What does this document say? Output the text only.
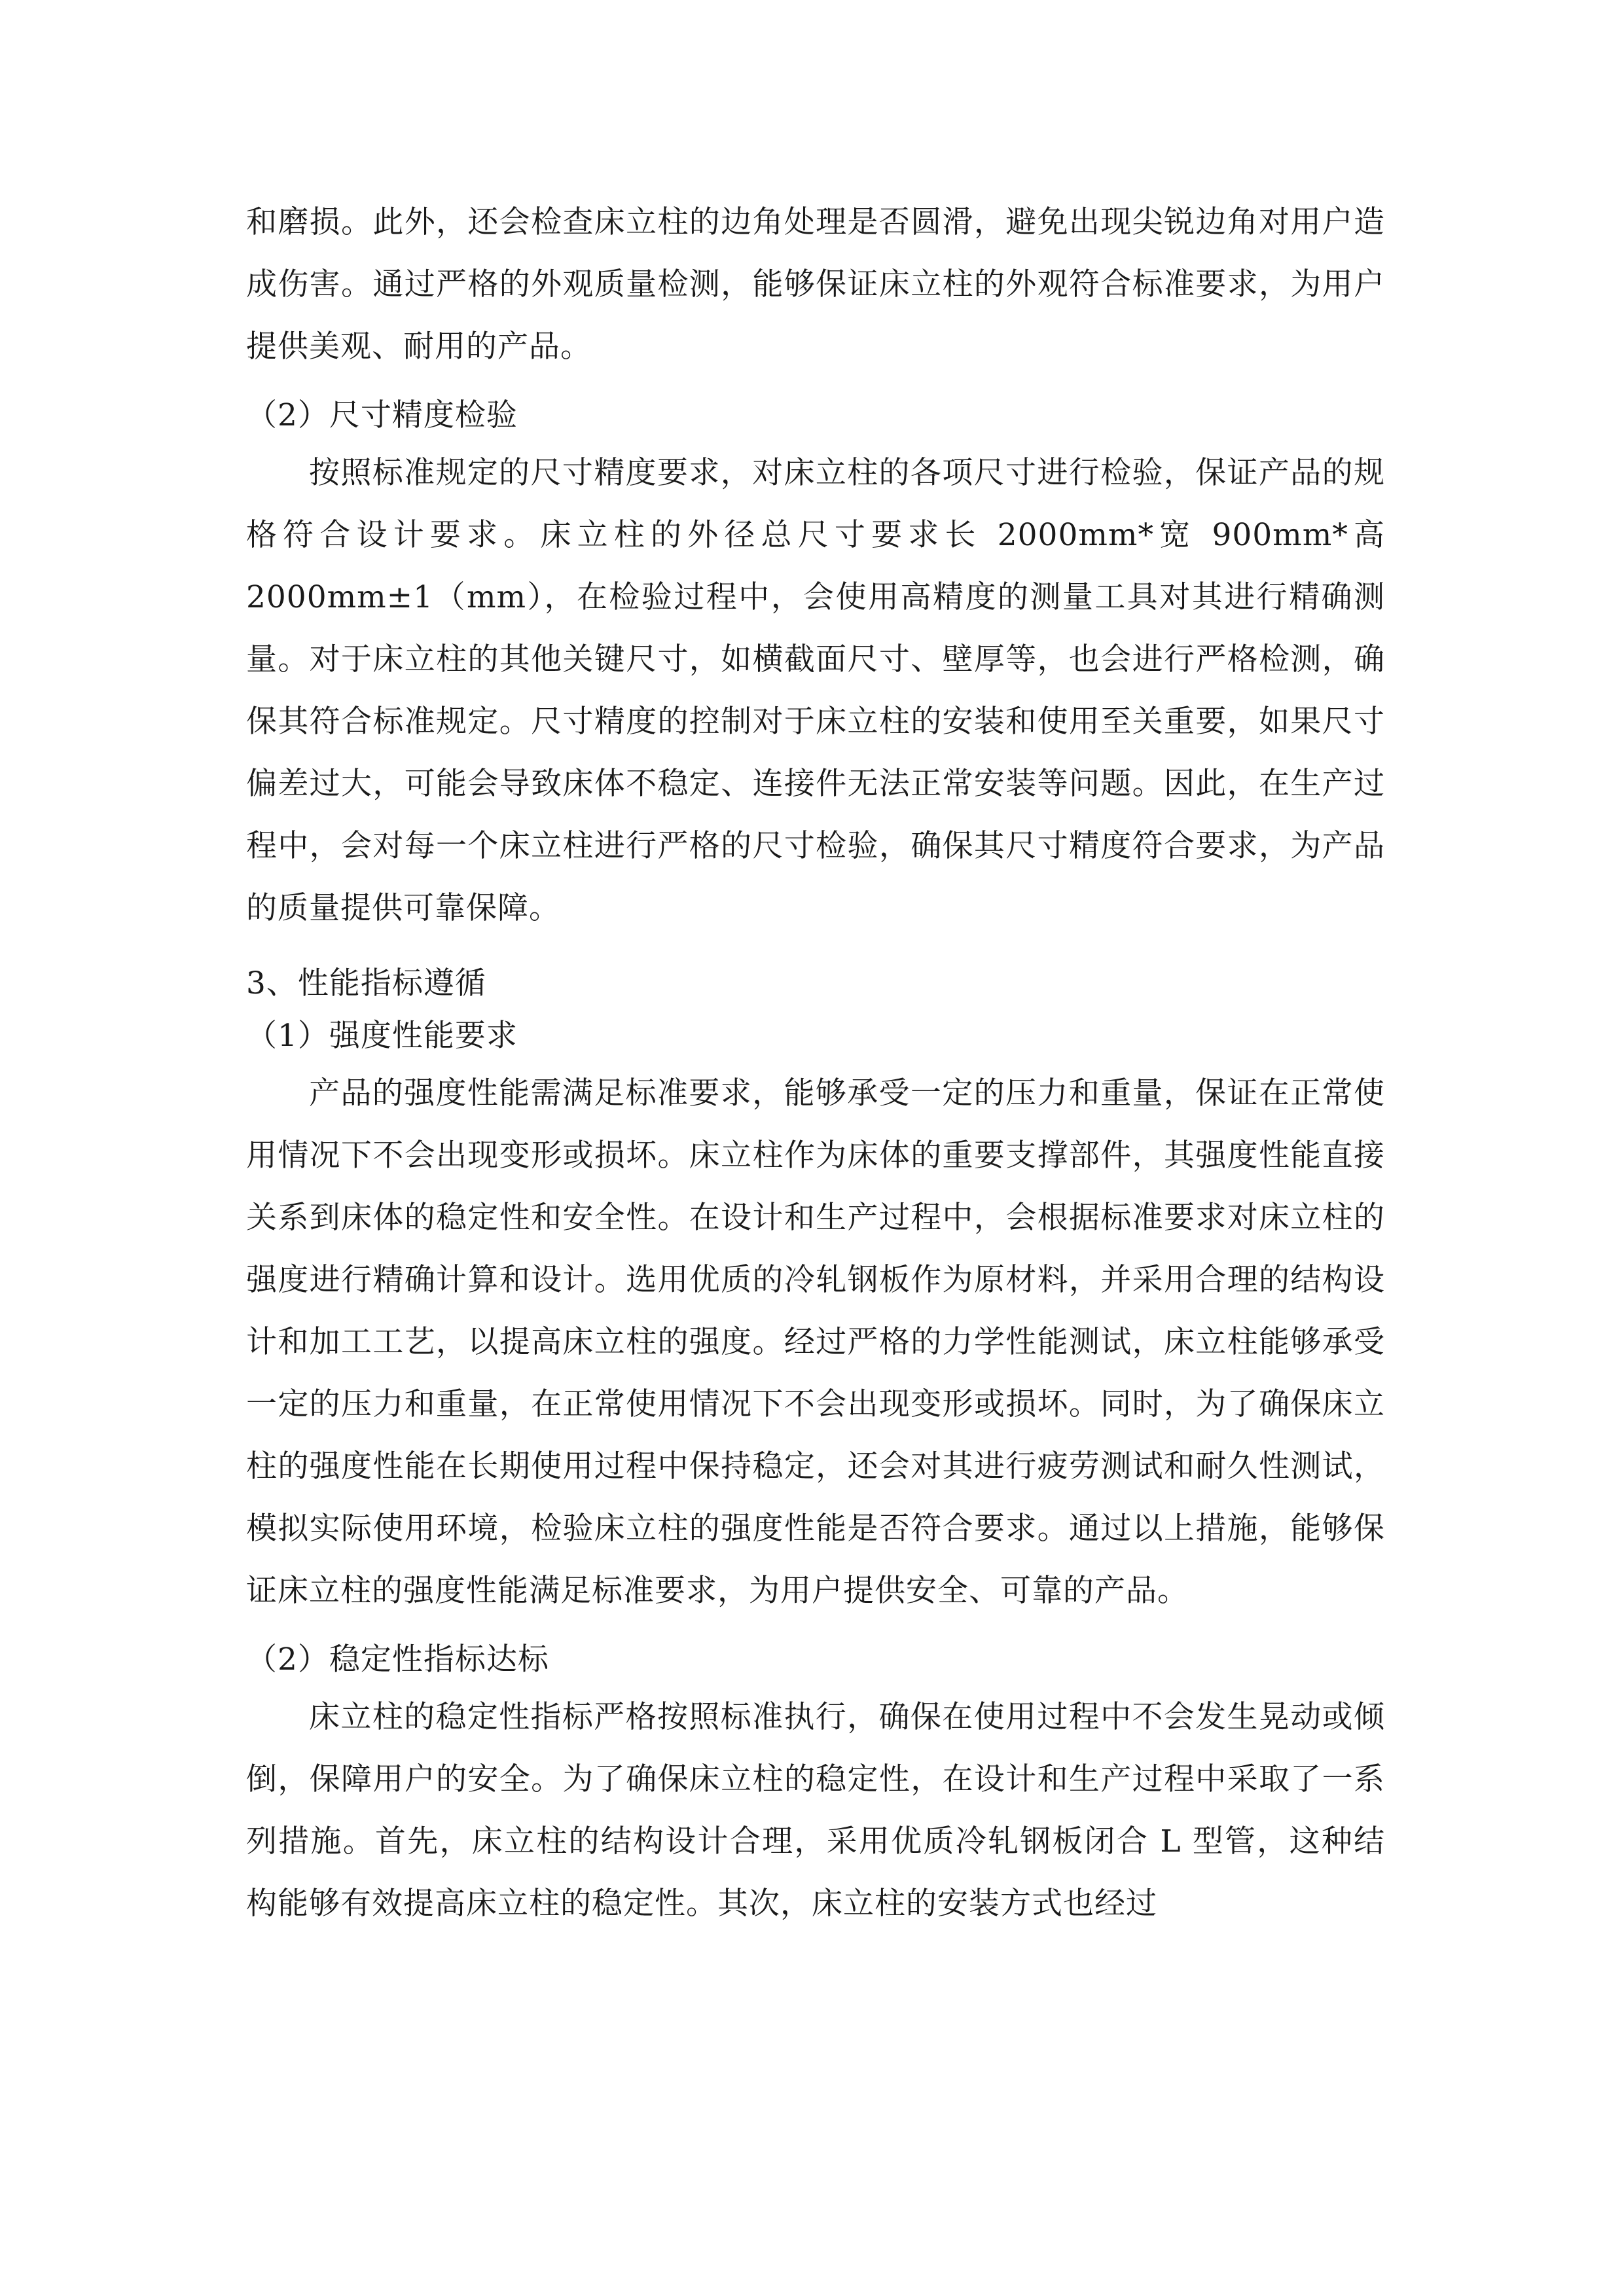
和磨损。此外，还会检查床立柱的边角处理是否圆滑，避免出现尖锐边角对用户造成伤害。通过严格的外观质量检测，能够保证床立柱的外观符合标准要求，为用户提供美观、耐用的产品。

（2）尺寸精度检验

按照标准规定的尺寸精度要求，对床立柱的各项尺寸进行检验，保证产品的规格符合设计要求。床立柱的外径总尺寸要求长 2000mm*宽 900mm*高 2000mm±1（mm），在检验过程中，会使用高精度的测量工具对其进行精确测量。对于床立柱的其他关键尺寸，如横截面尺寸、壁厚等，也会进行严格检测，确保其符合标准规定。尺寸精度的控制对于床立柱的安装和使用至关重要，如果尺寸偏差过大，可能会导致床体不稳定、连接件无法正常安装等问题。因此，在生产过程中，会对每一个床立柱进行严格的尺寸检验，确保其尺寸精度符合要求，为产品的质量提供可靠保障。

3、性能指标遵循

（1）强度性能要求

产品的强度性能需满足标准要求，能够承受一定的压力和重量，保证在正常使用情况下不会出现变形或损坏。床立柱作为床体的重要支撑部件，其强度性能直接关系到床体的稳定性和安全性。在设计和生产过程中，会根据标准要求对床立柱的强度进行精确计算和设计。选用优质的冷轧钢板作为原材料，并采用合理的结构设计和加工工艺，以提高床立柱的强度。经过严格的力学性能测试，床立柱能够承受一定的压力和重量，在正常使用情况下不会出现变形或损坏。同时，为了确保床立柱的强度性能在长期使用过程中保持稳定，还会对其进行疲劳测试和耐久性测试，模拟实际使用环境，检验床立柱的强度性能是否符合要求。通过以上措施，能够保证床立柱的强度性能满足标准要求，为用户提供安全、可靠的产品。

（2）稳定性指标达标

床立柱的稳定性指标严格按照标准执行，确保在使用过程中不会发生晃动或倾倒，保障用户的安全。为了确保床立柱的稳定性，在设计和生产过程中采取了一系列措施。首先，床立柱的结构设计合理，采用优质冷轧钢板闭合 L 型管，这种结构能够有效提高床立柱的稳定性。其次，床立柱的安装方式也经过
